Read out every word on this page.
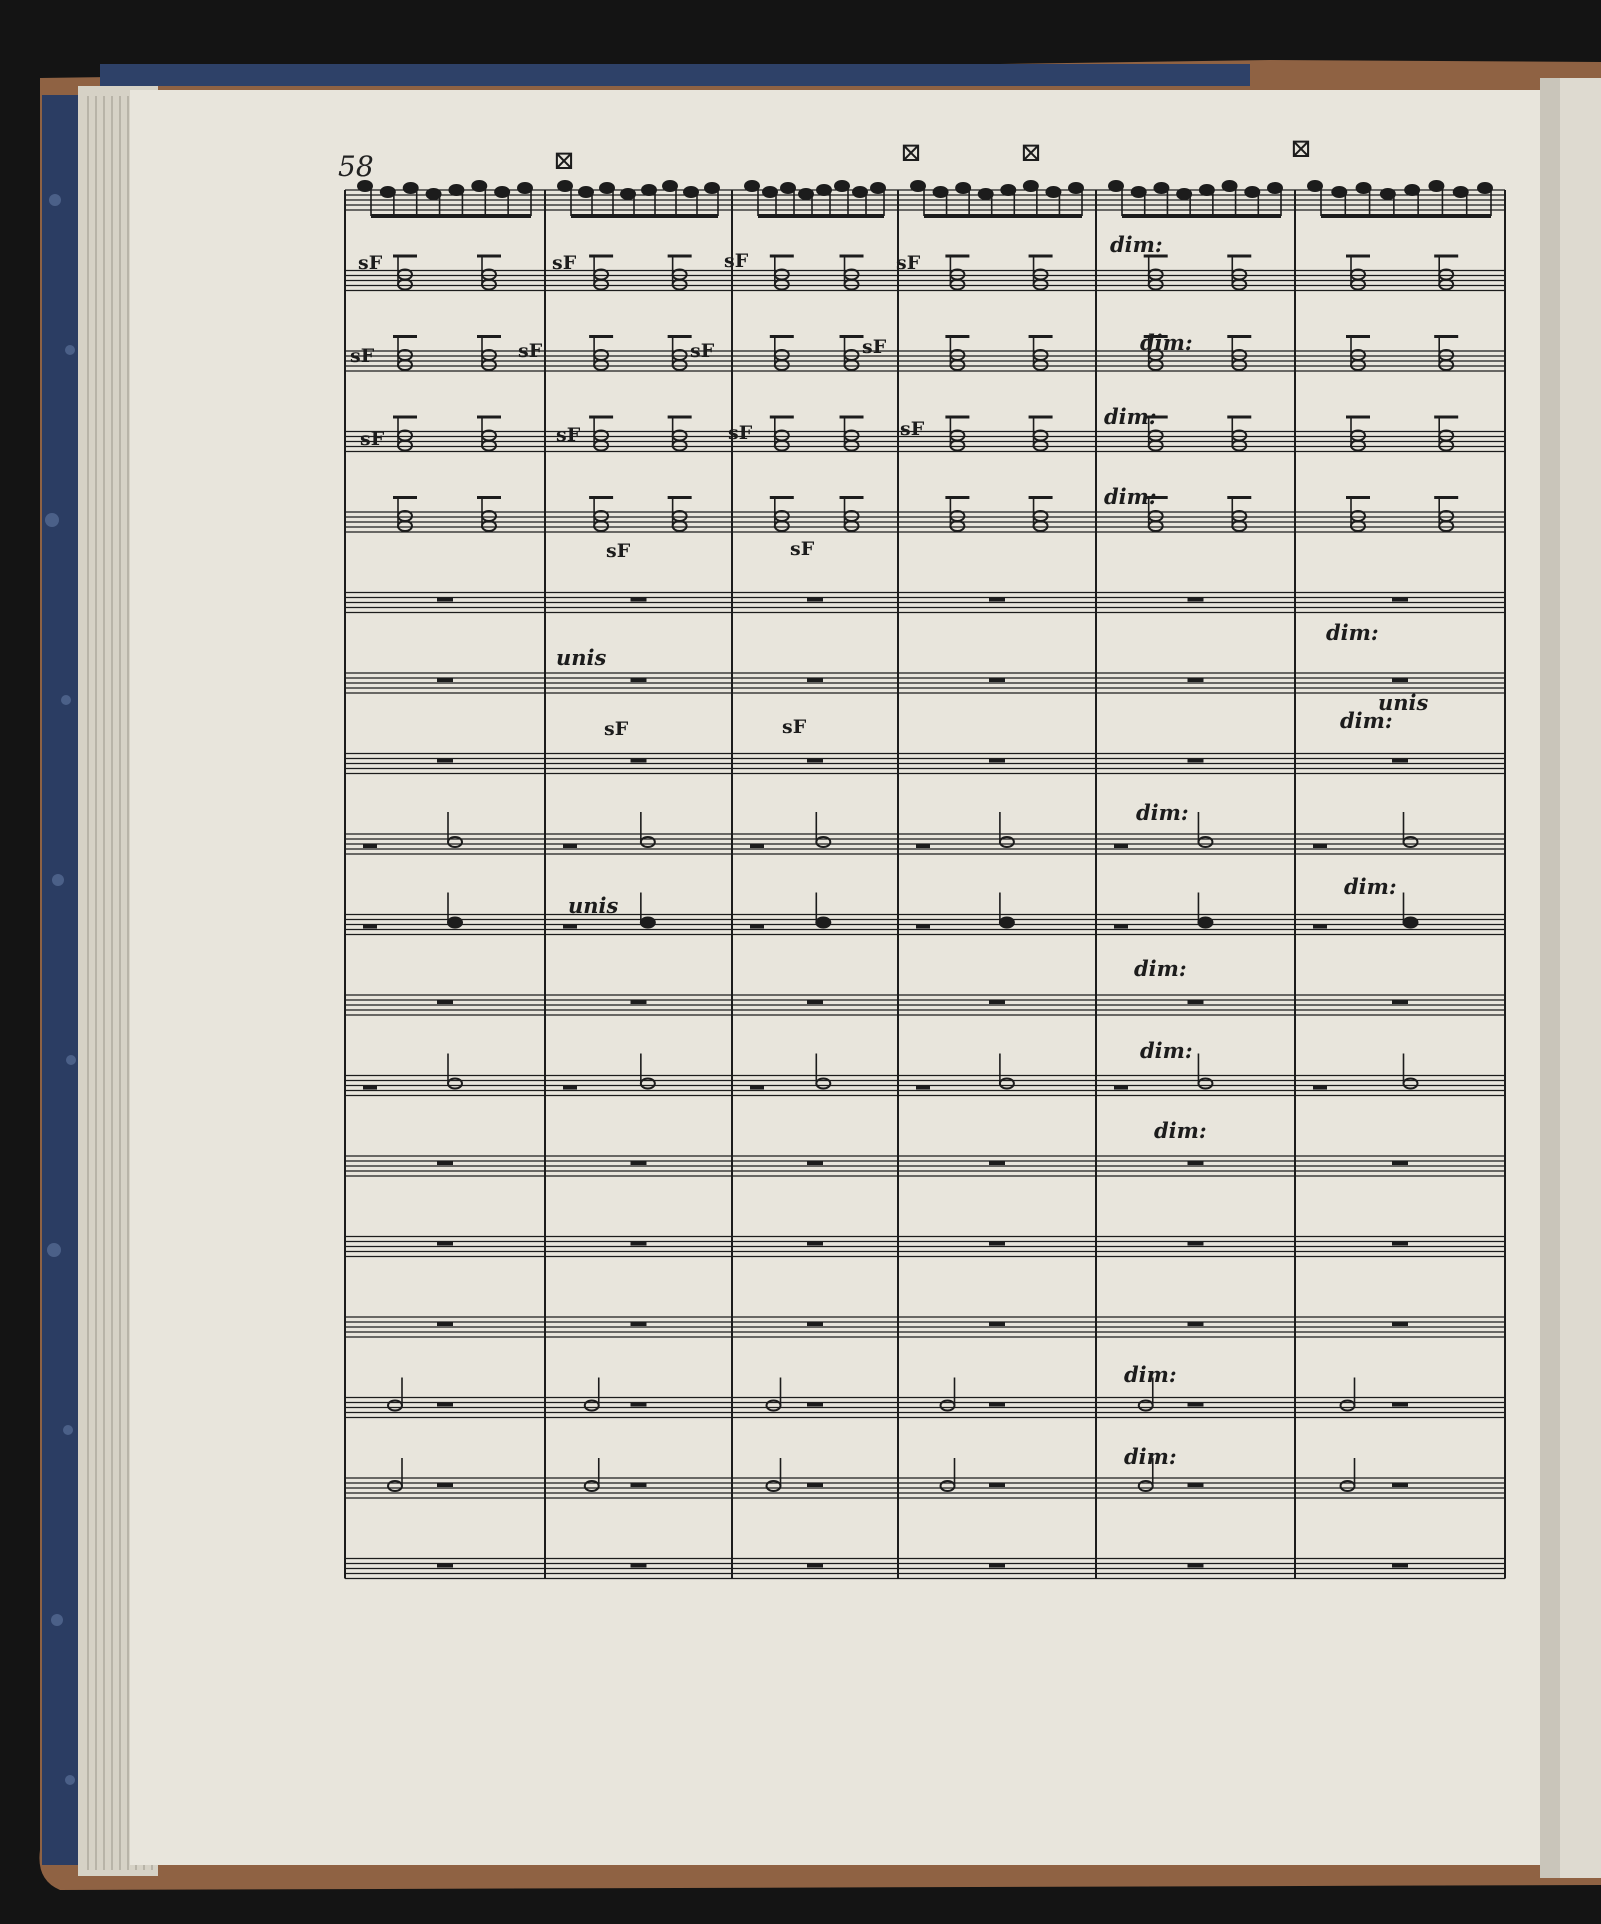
58	⊠	⊠	⊠	⊠
sF	sF	sF	sF
sF	sF	sF	sF
sF	sF	sF	sF
sF	sF
sF	sF
unis
unis
unis
dim:
dim:
dim:
dim:
dim:
dim:
dim:
dim:
dim:
dim:
dim:
dim:
dim:
